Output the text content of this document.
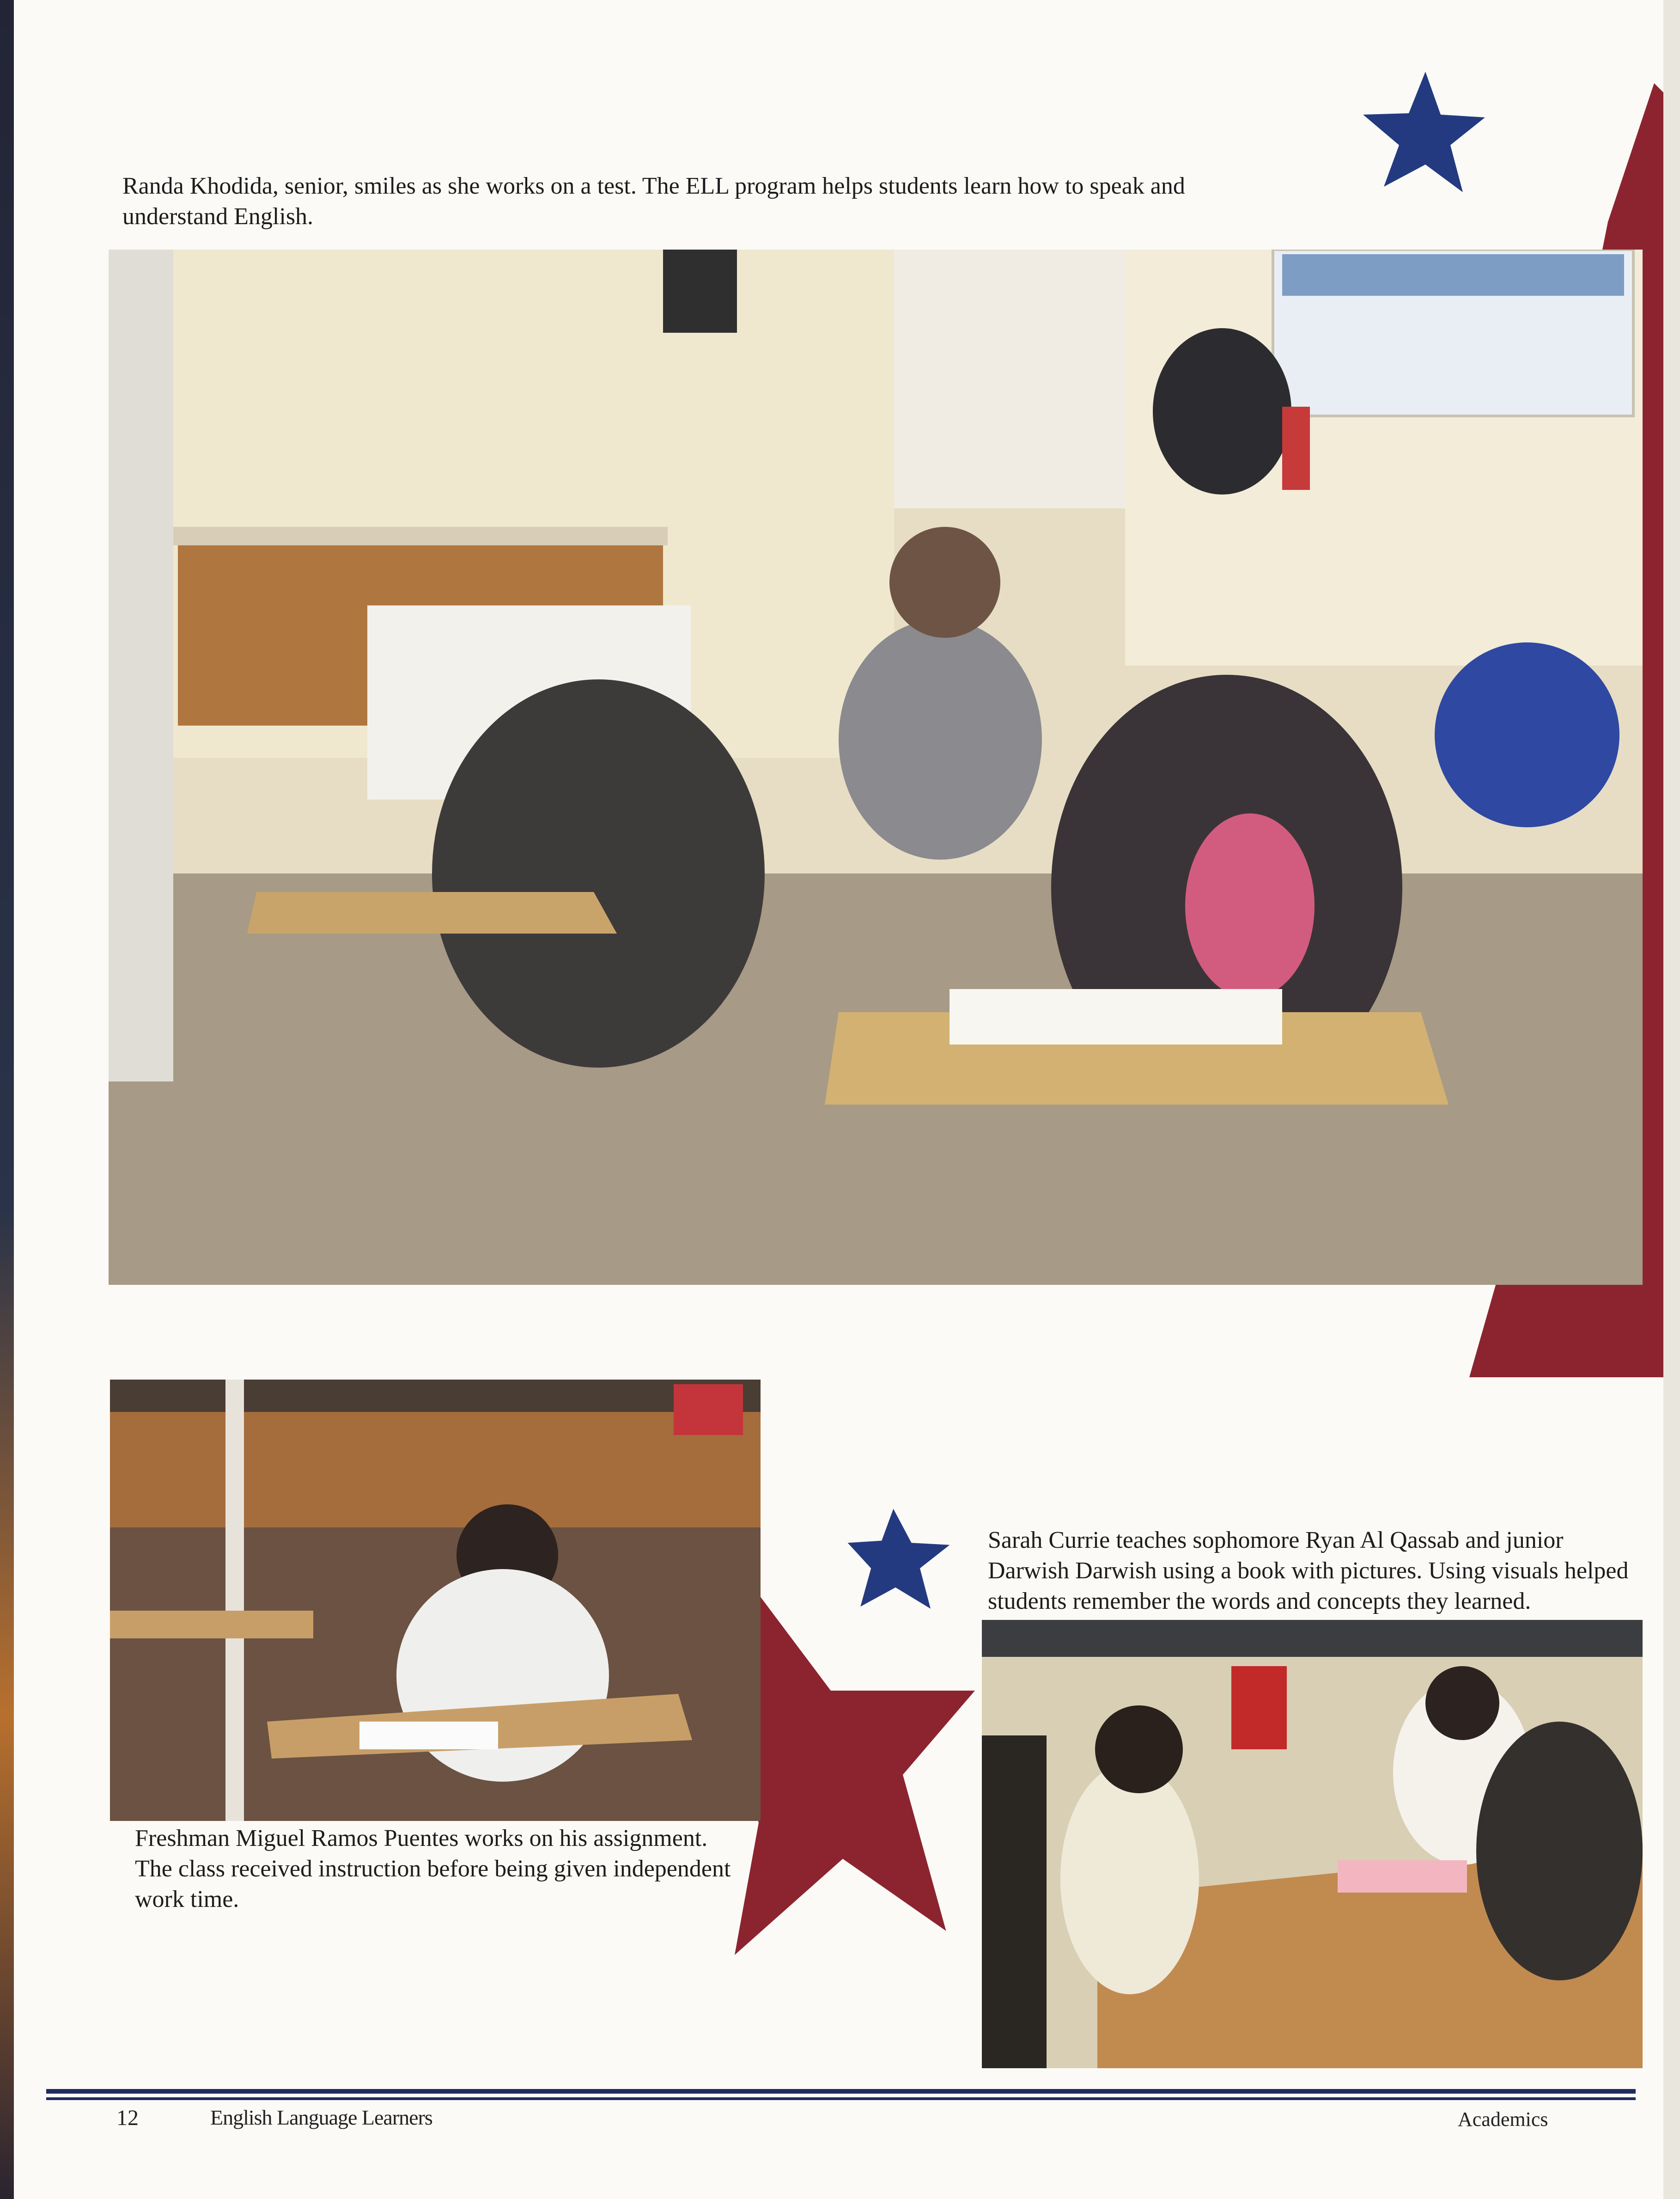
Randa Khodida, senior, smiles as she works on a test. The ELL program helps students learn how to speak and understand English.

Freshman Miguel Ramos Puentes works on his assignment. The class received instruction before being given independent work time.

Sarah Currie teaches sophomore Ryan Al Qassab and junior Darwish Darwish using a book with pictures. Using visuals helped students remember the words and concepts they learned.

12	English Language Learners	Academics
